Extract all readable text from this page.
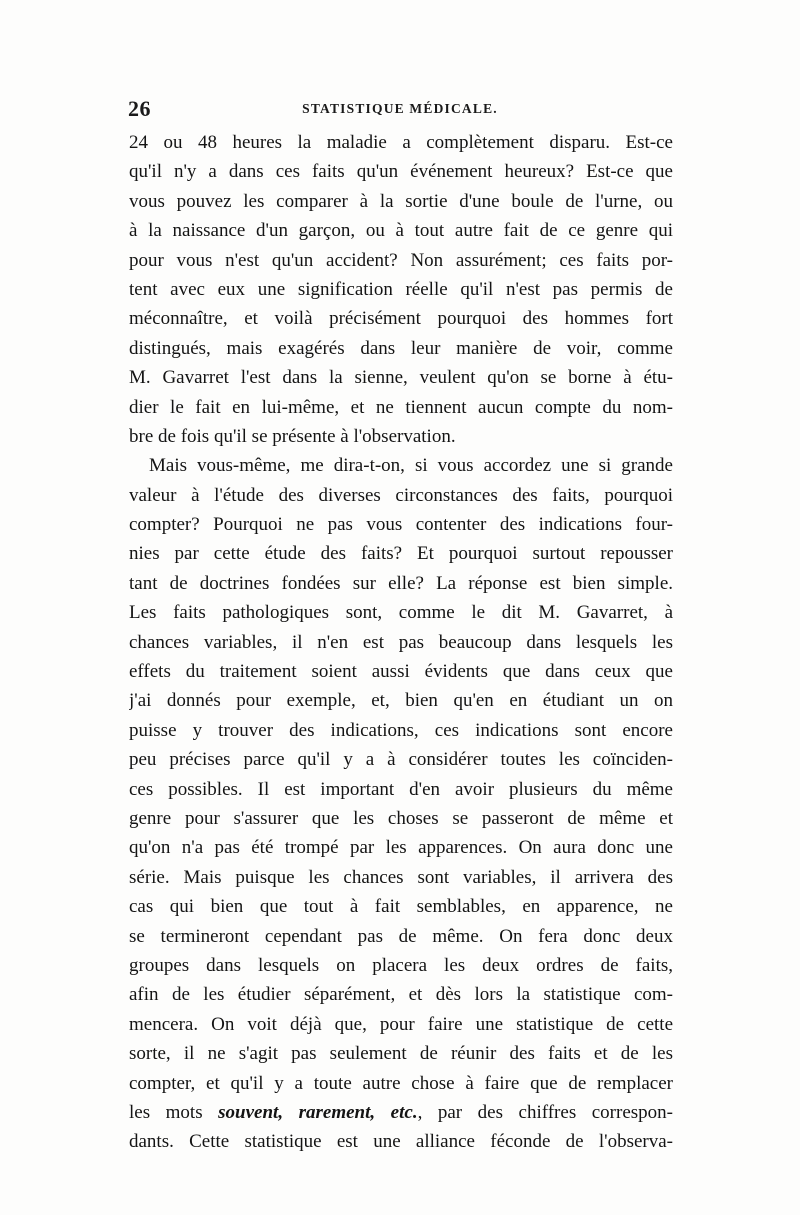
26	STATISTIQUE MÉDICALE.
24 ou 48 heures la maladie a complètement disparu. Est-ce
qu'il n'y a dans ces faits qu'un événement heureux? Est-ce que
vous pouvez les comparer à la sortie d'une boule de l'urne, ou
à la naissance d'un garçon, ou à tout autre fait de ce genre qui
pour vous n'est qu'un accident? Non assurément; ces faits por-
tent avec eux une signification réelle qu'il n'est pas permis de
méconnaître, et voilà précisément pourquoi des hommes fort
distingués, mais exagérés dans leur manière de voir, comme
M. Gavarret l'est dans la sienne, veulent qu'on se borne à étu-
dier le fait en lui-même, et ne tiennent aucun compte du nom-
bre de fois qu'il se présente à l'observation.
Mais vous-même, me dira-t-on, si vous accordez une si grande
valeur à l'étude des diverses circonstances des faits, pourquoi
compter? Pourquoi ne pas vous contenter des indications four-
nies par cette étude des faits? Et pourquoi surtout repousser
tant de doctrines fondées sur elle? La réponse est bien simple.
Les faits pathologiques sont, comme le dit M. Gavarret, à
chances variables, il n'en est pas beaucoup dans lesquels les
effets du traitement soient aussi évidents que dans ceux que
j'ai donnés pour exemple, et, bien qu'en en étudiant un on
puisse y trouver des indications, ces indications sont encore
peu précises parce qu'il y a à considérer toutes les coïnciden-
ces possibles. Il est important d'en avoir plusieurs du même
genre pour s'assurer que les choses se passeront de même et
qu'on n'a pas été trompé par les apparences. On aura donc une
série. Mais puisque les chances sont variables, il arrivera des
cas qui bien que tout à fait semblables, en apparence, ne
se termineront cependant pas de même. On fera donc deux
groupes dans lesquels on placera les deux ordres de faits,
afin de les étudier séparément, et dès lors la statistique com-
mencera. On voit déjà que, pour faire une statistique de cette
sorte, il ne s'agit pas seulement de réunir des faits et de les
compter, et qu'il y a toute autre chose à faire que de remplacer
les mots souvent, rarement, etc., par des chiffres correspon-
dants. Cette statistique est une alliance féconde de l'observa-
